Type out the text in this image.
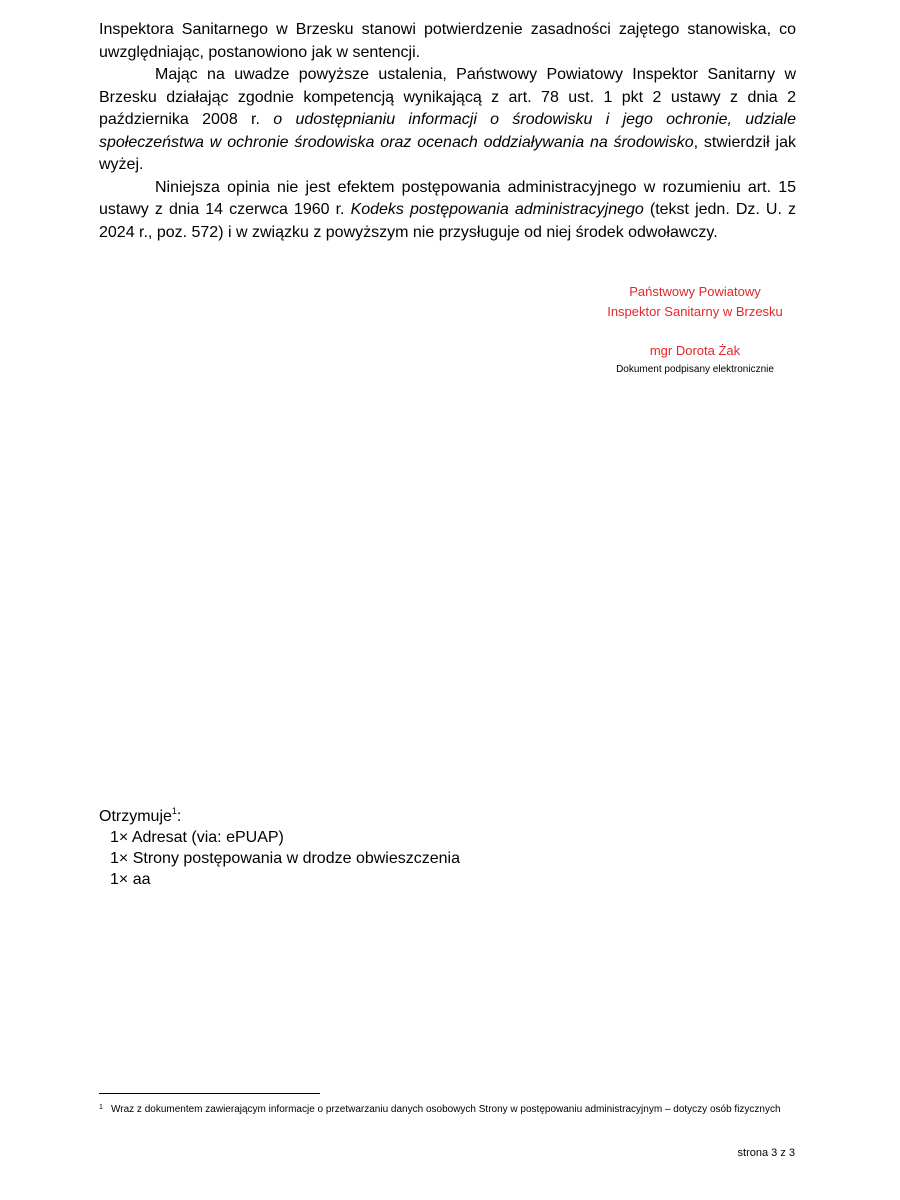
Inspektora Sanitarnego w Brzesku stanowi potwierdzenie zasadności zajętego stanowiska, co uwzględniając, postanowiono jak w sentencji.

Mając na uwadze powyższe ustalenia, Państwowy Powiatowy Inspektor Sanitarny w Brzesku działając zgodnie kompetencją wynikającą z art. 78 ust. 1 pkt 2 ustawy z dnia 2 października 2008 r. o udostępnianiu informacji o środowisku i jego ochronie, udziale społeczeństwa w ochronie środowiska oraz ocenach oddziaływania na środowisko, stwierdził jak wyżej.

Niniejsza opinia nie jest efektem postępowania administracyjnego w rozumieniu art. 15 ustawy z dnia 14 czerwca 1960 r. Kodeks postępowania administracyjnego (tekst jedn. Dz. U. z 2024 r., poz. 572) i w związku z powyższym nie przysługuje od niej środek odwoławczy.

Państwowy Powiatowy
Inspektor Sanitarny w Brzesku
mgr Dorota Żak
Dokument podpisany elektronicznie

Otrzymuje$^1$:

1× Adresat (via: ePUAP)
1× Strony postępowania w drodze obwieszczenia
1× aa
1 Wraz z dokumentem zawierającym informacje o przetwarzaniu danych osobowych Strony w postępowaniu administracyjnym – dotyczy osób fizycznych
strona 3 z 3
